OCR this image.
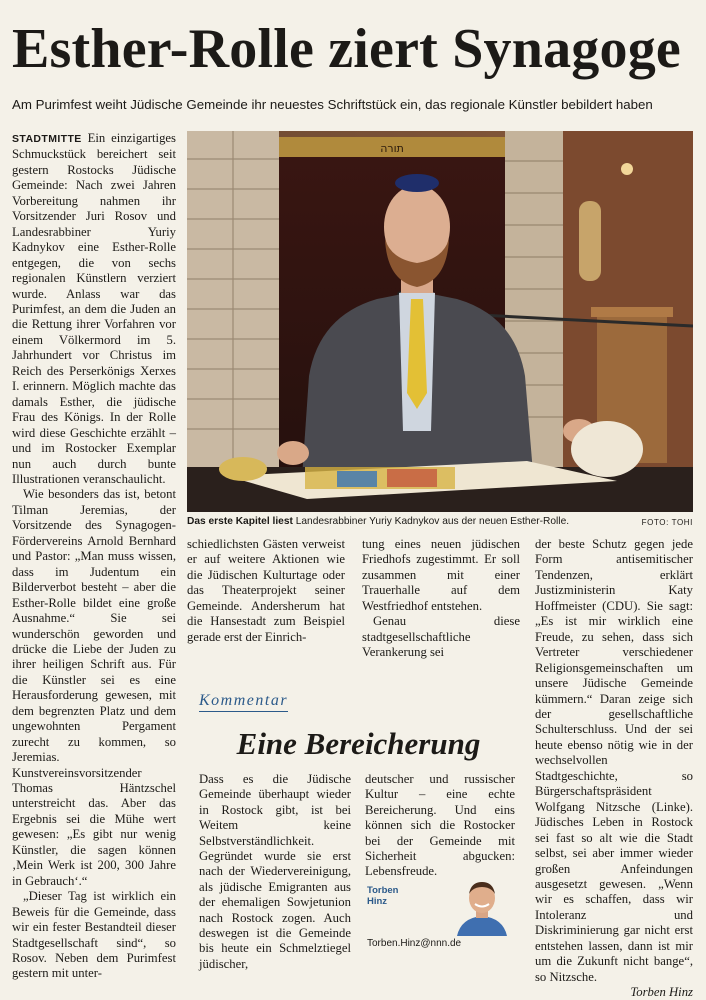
Esther-Rolle ziert Synagoge
Am Purimfest weiht Jüdische Gemeinde ihr neuestes Schriftstück ein, das regionale Künstler bebildert haben

STADTMITTE Ein einzigartiges Schmuckstück bereichert seit gestern Rostocks Jüdische Gemeinde: Nach zwei Jahren Vorbereitung nahmen ihr Vorsitzender Juri Rosov und Landesrabbiner Yuriy Kadnykov eine Esther-Rolle entgegen, die von sechs regionalen Künstlern verziert wurde. Anlass war das Purimfest, an dem die Juden an die Rettung ihrer Vorfahren vor einem Völkermord im 5. Jahrhundert vor Christus im Reich des Perserkönigs Xerxes I. erinnern. Möglich machte das damals Esther, die jüdische Frau des Königs. In der Rolle wird diese Geschichte erzählt – und im Rostocker Exemplar nun auch durch bunte Illustrationen veranschaulicht.

Wie besonders das ist, betont Tilman Jeremias, der Vorsitzende des Synagogen-Fördervereins Arnold Bernhard und Pastor: „Man muss wissen, dass im Judentum ein Bilderverbot besteht – aber die Esther-Rolle bildet eine große Ausnahme.“ Sie sei wunderschön geworden und drücke die Liebe der Juden zu ihrer heiligen Schrift aus. Für die Künstler sei es eine Herausforderung gewesen, mit dem begrenzten Platz und dem ungewohnten Pergament zurecht zu kommen, so Jeremias. Kunstvereinsvorsitzender Thomas Häntzschel unterstreicht das. Aber das Ergebnis sei die Mühe wert gewesen: „Es gibt nur wenig Künstler, die sagen können ‚Mein Werk ist 200, 300 Jahre in Gebrauch‘.“

„Dieser Tag ist wirklich ein Beweis für die Gemeinde, dass wir ein fester Bestandteil dieser Stadtgesellschaft sind“, so Rosov. Neben dem Purimfest gestern mit unter-

תורה
Das erste Kapitel liest Landesrabbiner Yuriy Kadnykov aus der neuen Esther-Rolle.	FOTO: TOHI

schiedlichsten Gästen verweist er auf weitere Aktionen wie die Jüdischen Kulturtage oder das Theaterprojekt seiner Gemeinde. Andersherum hat die Hansestadt zum Beispiel gerade erst der Einrich-

tung eines neuen jüdischen Friedhofs zugestimmt. Er soll zusammen mit einer Trauerhalle auf dem Westfriedhof entstehen.

Genau diese stadtgesellschaftliche Verankerung sei

der beste Schutz gegen jede Form antisemitischer Tendenzen, erklärt Justizministerin Katy Hoffmeister (CDU). Sie sagt: „Es ist mir wirklich eine Freude, zu sehen, dass sich Vertreter verschiedener Religionsgemeinschaften um unsere Jüdische Gemeinde kümmern.“ Daran zeige sich der gesellschaftliche Schulterschluss. Und der sei heute ebenso nötig wie in der wechselvollen Stadtgeschichte, so Bürgerschaftspräsident Wolfgang Nitzsche (Linke). Jüdisches Leben in Rostock sei fast so alt wie die Stadt selbst, sei aber immer wieder großen Anfeindungen ausgesetzt gewesen. „Wenn wir es schaffen, dass wir Intoleranz und Diskriminierung gar nicht erst entstehen lassen, dann ist mir um die Zukunft nicht bange“, so Nitzsche.

Torben Hinz

Kommentar
Eine Bereicherung
Dass es die Jüdische Gemeinde überhaupt wieder in Rostock gibt, ist bei Weitem keine Selbstverständlichkeit. Gegründet wurde sie erst nach der Wiedervereinigung, als jüdische Emigranten aus der ehemaligen Sowjetunion nach Rostock zogen. Auch deswegen ist die Gemeinde bis heute ein Schmelztiegel jüdischer,
deutscher und russischer Kultur – eine echte Bereicherung. Und eins können sich die Rostocker bei der Gemeinde mit Sicherheit abgucken: Lebensfreude.
Torben
Hinz
Torben.Hinz@nnn.de
